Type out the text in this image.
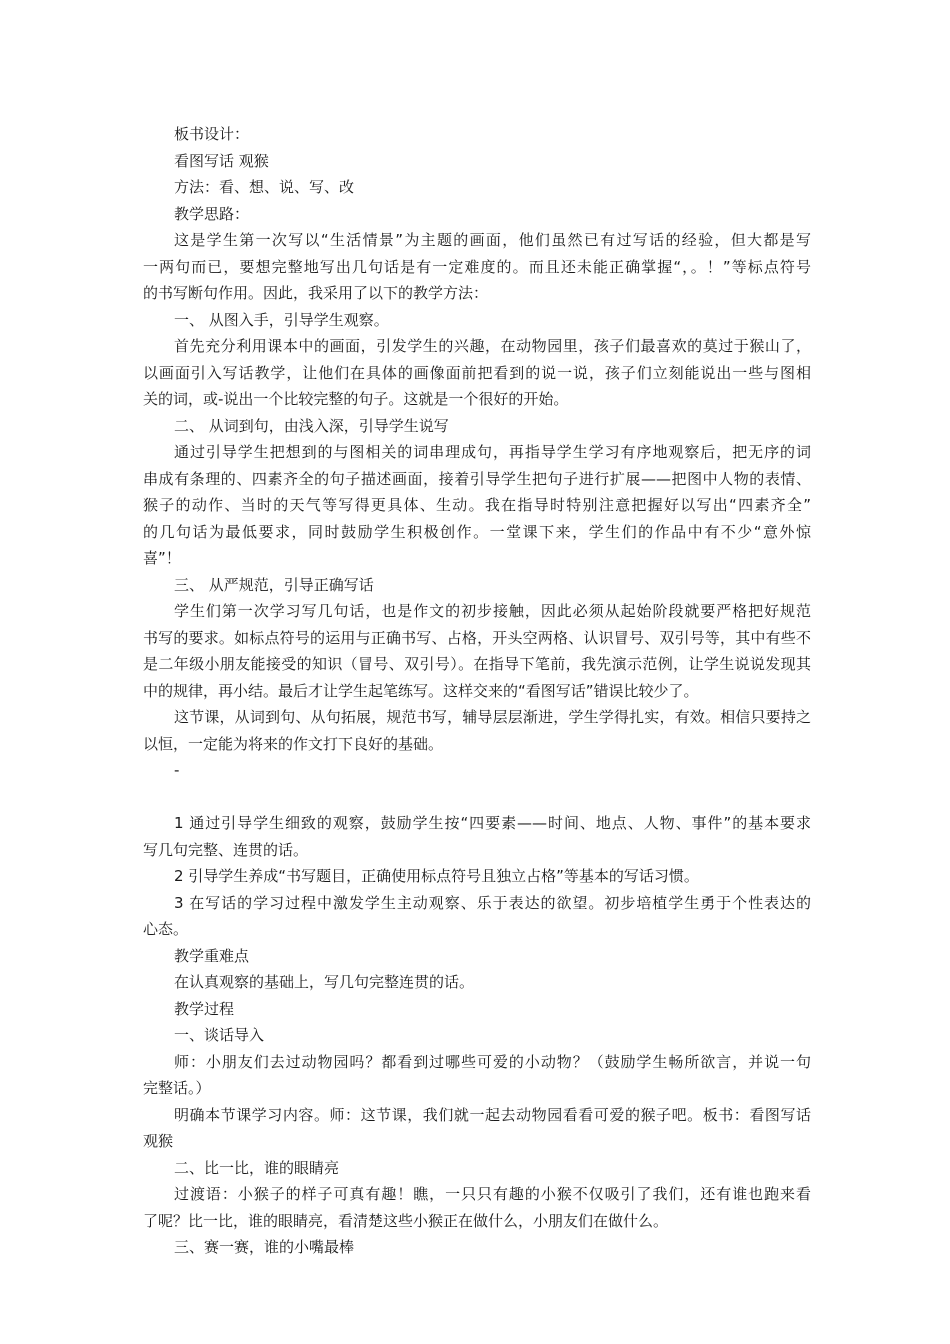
板书设计：

看图写话 观猴

方法：看、想、说、写、改

教学思路：

这是学生第一次写以“生活情景”为主题的画面，他们虽然已有过写话的经验，但大都是写
一两句而已，要想完整地写出几句话是有一定难度的。而且还未能正确掌握“，。！”等标点符号
的书写断句作用。因此，我采用了以下的教学方法：

一、 从图入手，引导学生观察。

首先充分利用课本中的画面，引发学生的兴趣，在动物园里，孩子们最喜欢的莫过于猴山了，
以画面引入写话教学，让他们在具体的画像面前把看到的说一说，孩子们立刻能说出一些与图相
关的词，或-说出一个比较完整的句子。这就是一个很好的开始。

二、 从词到句，由浅入深，引导学生说写

通过引导学生把想到的与图相关的词串理成句，再指导学生学习有序地观察后，把无序的词
串成有条理的、四素齐全的句子描述画面，接着引导学生把句子进行扩展——把图中人物的表情、
猴子的动作、当时的天气等写得更具体、生动。我在指导时特别注意把握好以写出“四素齐全”
的几句话为最低要求，同时鼓励学生积极创作。一堂课下来，学生们的作品中有不少“意外惊
喜”！

三、 从严规范，引导正确写话

学生们第一次学习写几句话，也是作文的初步接触，因此必须从起始阶段就要严格把好规范
书写的要求。如标点符号的运用与正确书写、占格，开头空两格、认识冒号、双引号等，其中有些不
是二年级小朋友能接受的知识（冒号、双引号）。在指导下笔前，我先演示范例，让学生说说发现其
中的规律，再小结。最后才让学生起笔练写。这样交来的“看图写话”错误比较少了。
这节课，从词到句、从句拓展，规范书写，辅导层层渐进，学生学得扎实，有效。相信只要持之
以恒，一定能为将来的作文打下良好的基础。

-

1 通过引导学生细致的观察，鼓励学生按“四要素——时间、地点、人物、事件”的基本要求
写几句完整、连贯的话。

2 引导学生养成“书写题目，正确使用标点符号且独立占格”等基本的写话习惯。

3 在写话的学习过程中激发学生主动观察、乐于表达的欲望。初步培植学生勇于个性表达的
心态。

教学重难点

在认真观察的基础上，写几句完整连贯的话。

教学过程

一、谈话导入

师：小朋友们去过动物园吗？都看到过哪些可爱的小动物？（鼓励学生畅所欲言，并说一句
完整话。）
明确本节课学习内容。师：这节课，我们就一起去动物园看看可爱的猴子吧。板书：看图写话
观猴

二、比一比，谁的眼睛亮

过渡语：小猴子的样子可真有趣！瞧，一只只有趣的小猴不仅吸引了我们，还有谁也跑来看
了呢？比一比，谁的眼睛亮，看清楚这些小猴正在做什么，小朋友们在做什么。

三、赛一赛，谁的小嘴最棒
